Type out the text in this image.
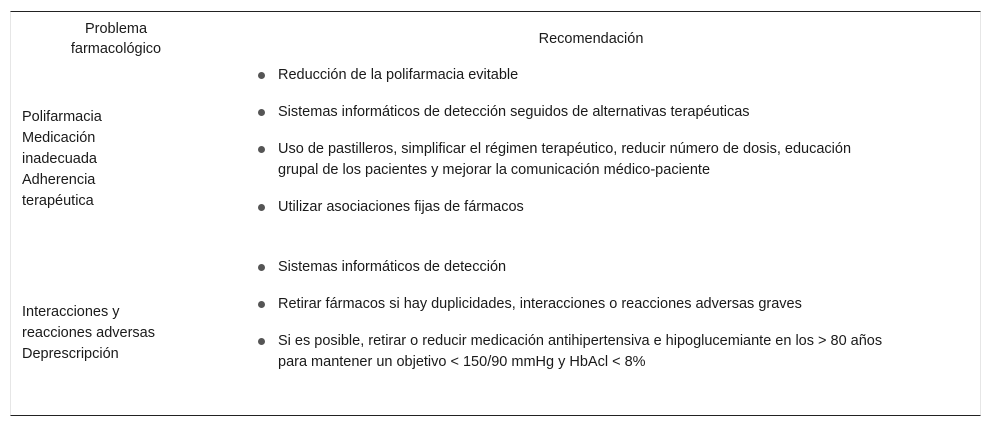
Problema
farmacológico
Recomendación
Polifarmacia
Medicación
inadecuada
Adherencia
terapéutica
Reducción de la polifarmacia evitable
Sistemas informáticos de detección seguidos de alternativas terapéuticas
Uso de pastilleros, simplificar el régimen terapéutico, reducir número de dosis, educación
grupal de los pacientes y mejorar la comunicación médico-paciente
Utilizar asociaciones fijas de fármacos
Interacciones y
reacciones adversas
Deprescripción
Sistemas informáticos de detección
Retirar fármacos si hay duplicidades, interacciones o reacciones adversas graves
Si es posible, retirar o reducir medicación antihipertensiva e hipoglucemiante en los > 80 años
para mantener un objetivo < 150/90 mmHg y HbAcl < 8%
